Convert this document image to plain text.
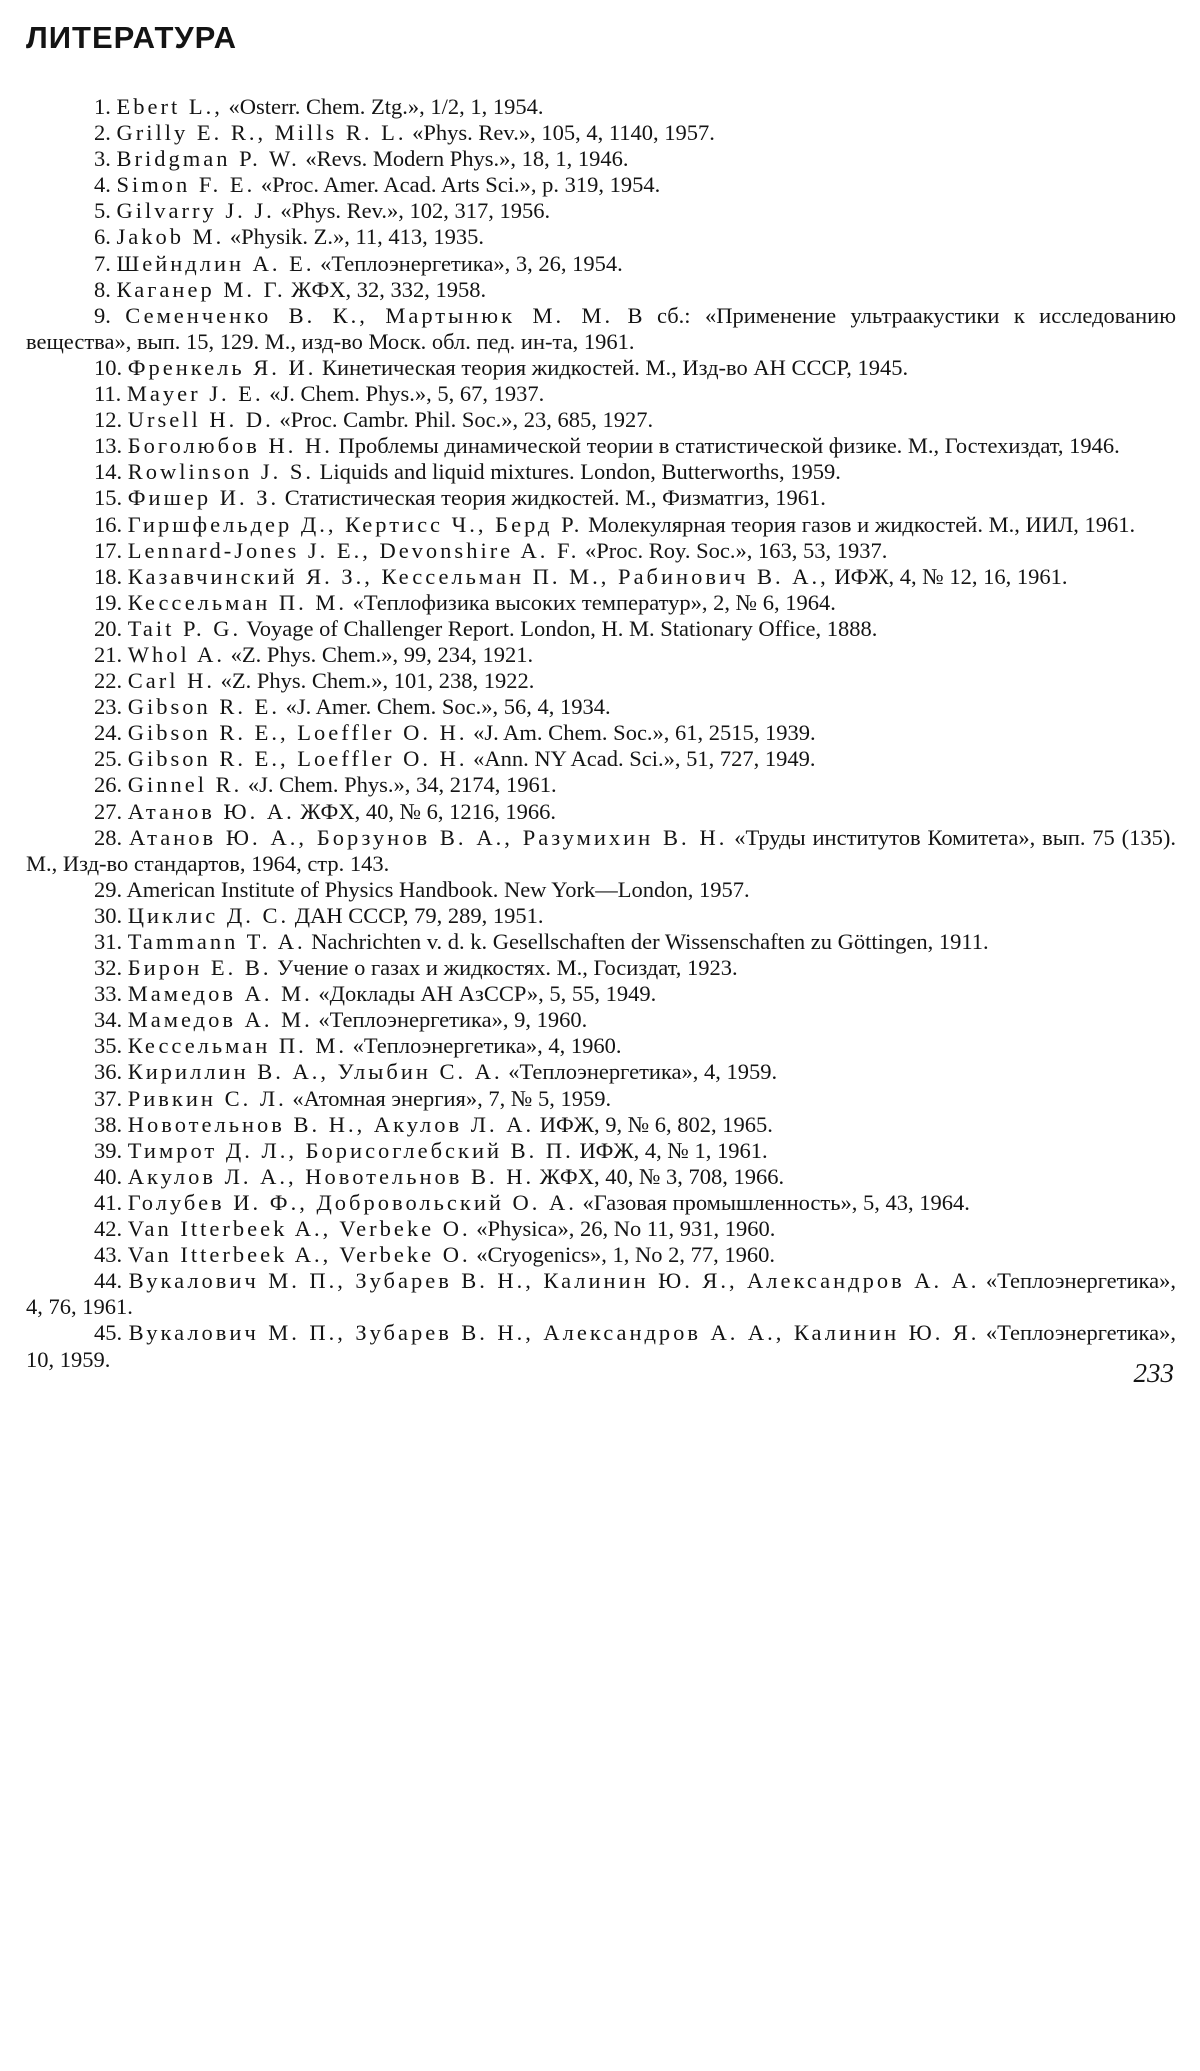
ЛИТЕРАТУРА
1. Ebert L., «Osterr. Chem. Ztg.», 1/2, 1, 1954.
2. Grilly E. R., Mills R. L. «Phys. Rev.», 105, 4, 1140, 1957.
3. Bridgman P. W. «Revs. Modern Phys.», 18, 1, 1946.
4. Simon F. E. «Proc. Amer. Acad. Arts Sci.», p. 319, 1954.
5. Gilvarry J. J. «Phys. Rev.», 102, 317, 1956.
6. Jakob M. «Physik. Z.», 11, 413, 1935.
7. Шейндлин А. Е. «Теплоэнергетика», 3, 26, 1954.
8. Каганер М. Г. ЖФХ, 32, 332, 1958.
9. Семенченко В. К., Мартынюк М. М. В сб.: «Применение ультраакустики к исследованию вещества», вып. 15, 129. М., изд-во Моск. обл. пед. ин-та, 1961.
10. Френкель Я. И. Кинетическая теория жидкостей. М., Изд-во АН СССР, 1945.
11. Mayer J. E. «J. Chem. Phys.», 5, 67, 1937.
12. Ursell H. D. «Proc. Cambr. Phil. Soc.», 23, 685, 1927.
13. Боголюбов Н. Н. Проблемы динамической теории в статистической физике. М., Гостехиздат, 1946.
14. Rowlinson J. S. Liquids and liquid mixtures. London, Butterworths, 1959.
15. Фишер И. З. Статистическая теория жидкостей. М., Физматгиз, 1961.
16. Гиршфельдер Д., Кертисс Ч., Берд Р. Молекулярная теория газов и жидкостей. М., ИИЛ, 1961.
17. Lennard-Jones J. E., Devonshire A. F. «Proc. Roy. Soc.», 163, 53, 1937.
18. Казавчинский Я. З., Кессельман П. М., Рабинович В. А., ИФЖ, 4, № 12, 16, 1961.
19. Кессельман П. М. «Теплофизика высоких температур», 2, № 6, 1964.
20. Tait P. G. Voyage of Challenger Report. London, H. M. Stationary Office, 1888.
21. Whol A. «Z. Phys. Chem.», 99, 234, 1921.
22. Carl H. «Z. Phys. Chem.», 101, 238, 1922.
23. Gibson R. E. «J. Amer. Chem. Soc.», 56, 4, 1934.
24. Gibson R. E., Loeffler O. H. «J. Am. Chem. Soc.», 61, 2515, 1939.
25. Gibson R. E., Loeffler O. H. «Ann. NY Acad. Sci.», 51, 727, 1949.
26. Ginnel R. «J. Chem. Phys.», 34, 2174, 1961.
27. Атанов Ю. А. ЖФХ, 40, № 6, 1216, 1966.
28. Атанов Ю. А., Борзунов В. А., Разумихин В. Н. «Труды институтов Комитета», вып. 75 (135). М., Изд-во стандартов, 1964, стр. 143.
29. American Institute of Physics Handbook. New York—London, 1957.
30. Циклис Д. С. ДАН СССР, 79, 289, 1951.
31. Tammann T. A. Nachrichten v. d. k. Gesellschaften der Wissenschaften zu Göttingen, 1911.
32. Бирон Е. В. Учение о газах и жидкостях. М., Госиздат, 1923.
33. Мамедов А. М. «Доклады АН АзССР», 5, 55, 1949.
34. Мамедов А. М. «Теплоэнергетика», 9, 1960.
35. Кессельман П. М. «Теплоэнергетика», 4, 1960.
36. Кириллин В. А., Улыбин С. А. «Теплоэнергетика», 4, 1959.
37. Ривкин С. Л. «Атомная энергия», 7, № 5, 1959.
38. Новотельнов В. Н., Акулов Л. А. ИФЖ, 9, № 6, 802, 1965.
39. Тимрот Д. Л., Борисоглебский В. П. ИФЖ, 4, № 1, 1961.
40. Акулов Л. А., Новотельнов В. Н. ЖФХ, 40, № 3, 708, 1966.
41. Голубев И. Ф., Добровольский О. А. «Газовая промышленность», 5, 43, 1964.
42. Van Itterbeek A., Verbeke O. «Physica», 26, No 11, 931, 1960.
43. Van Itterbeek A., Verbeke O. «Cryogenics», 1, No 2, 77, 1960.
44. Вукалович М. П., Зубарев В. Н., Калинин Ю. Я., Александров А. А. «Теплоэнергетика», 4, 76, 1961.
45. Вукалович М. П., Зубарев В. Н., Александров А. А., Калинин Ю. Я. «Теплоэнергетика», 10, 1959.	233
